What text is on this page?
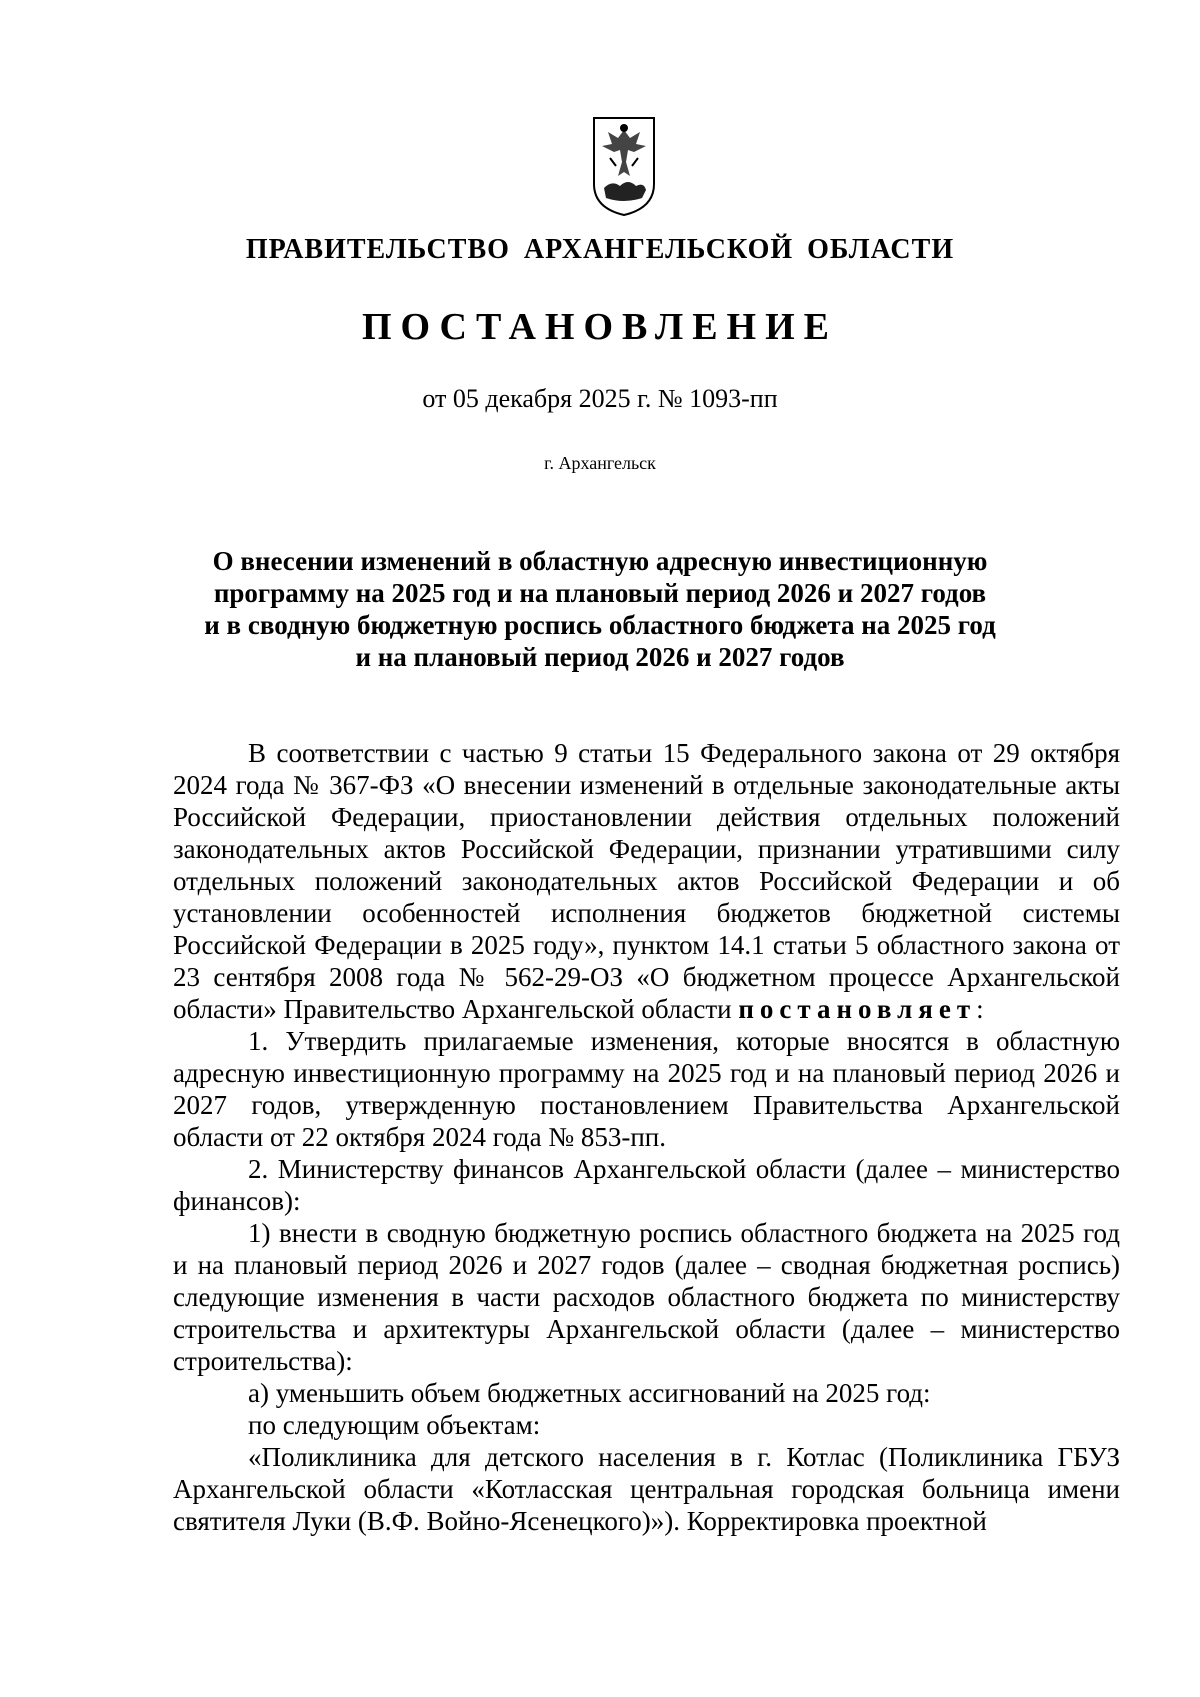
ПРАВИТЕЛЬСТВО АРХАНГЕЛЬСКОЙ ОБЛАСТИ
ПОСТАНОВЛЕНИЕ
от 05 декабря 2025 г. № 1093-пп
г. Архангельск
О внесении изменений в областную адресную инвестиционную
программу на 2025 год и на плановый период 2026 и 2027 годов
и в сводную бюджетную роспись областного бюджета на 2025 год
и на плановый период 2026 и 2027 годов

В соответствии с частью 9 статьи 15 Федерального закона от 29 октября 2024 года № 367-ФЗ «О внесении изменений в отдельные законодательные акты Российской Федерации, приостановлении действия отдельных положений законодательных актов Российской Федерации, признании утратившими силу отдельных положений законодательных актов Российской Федерации и об установлении особенностей исполнения бюджетов бюджетной системы Российской Федерации в 2025 году», пунктом 14.1 статьи 5 областного закона от 23 сентября 2008 года № 562-29-ОЗ «О бюджетном процессе Архангельской области» Правительство Архангельской области постановляет:

1. Утвердить прилагаемые изменения, которые вносятся в областную адресную инвестиционную программу на 2025 год и на плановый период 2026 и 2027 годов, утвержденную постановлением Правительства Архангельской области от 22 октября 2024 года № 853-пп.

2. Министерству финансов Архангельской области (далее – министерство финансов):

1) внести в сводную бюджетную роспись областного бюджета на 2025 год и на плановый период 2026 и 2027 годов (далее – сводная бюджетная роспись) следующие изменения в части расходов областного бюджета по министерству строительства и архитектуры Архангельской области (далее – министерство строительства):

а) уменьшить объем бюджетных ассигнований на 2025 год:

по следующим объектам:

«Поликлиника для детского населения в г. Котлас (Поликлиника ГБУЗ Архангельской области «Котласская центральная городская больница имени святителя Луки (В.Ф. Войно-Ясенецкого)»). Корректировка проектной
